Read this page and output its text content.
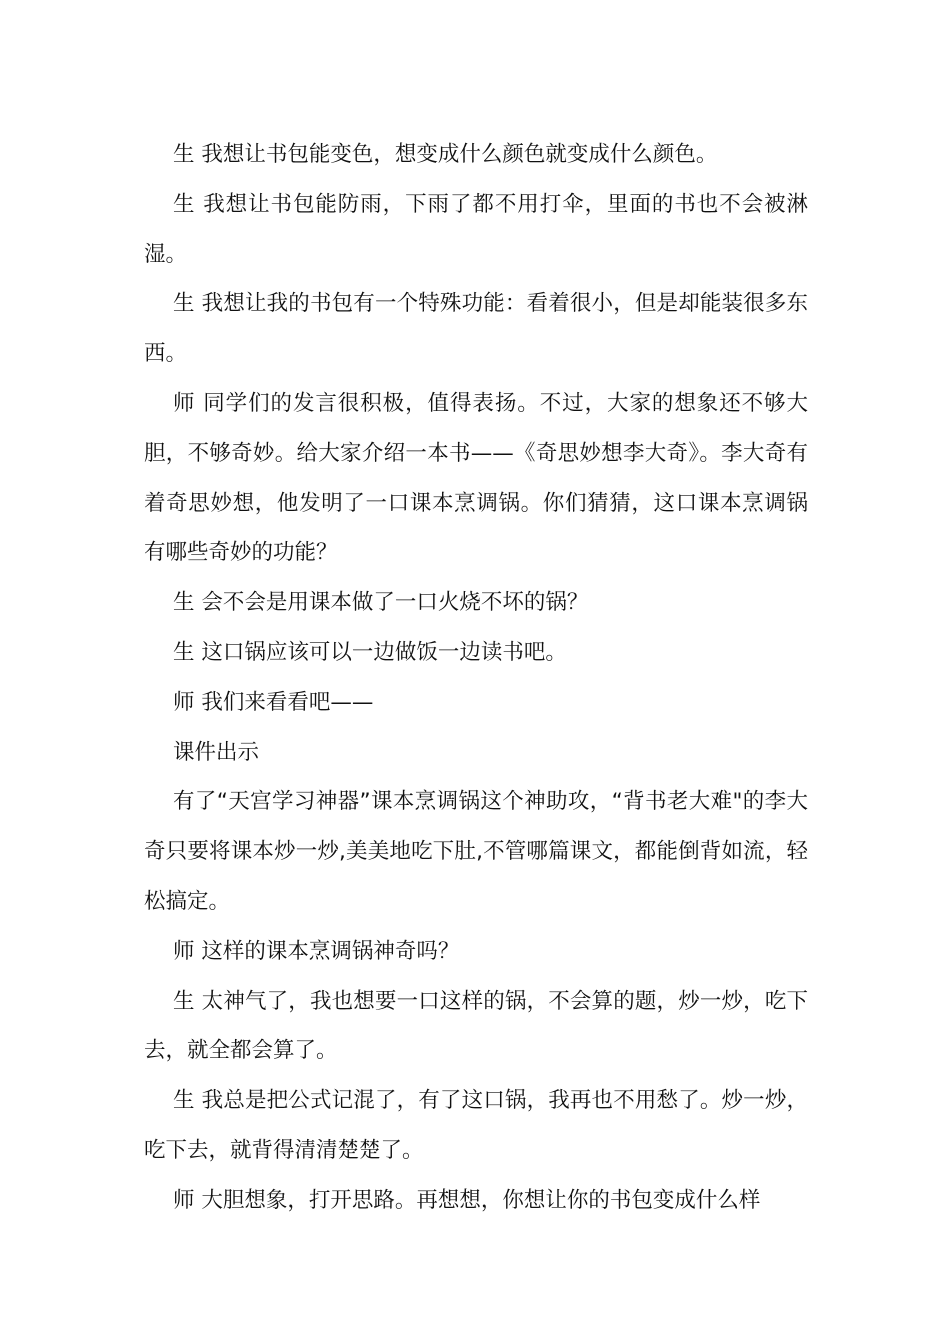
生 我想让书包能变色，想变成什么颜色就变成什么颜色。

生 我想让书包能防雨，下雨了都不用打伞，里面的书也不会被淋湿。

生 我想让我的书包有一个特殊功能：看着很小，但是却能装很多东西。

师 同学们的发言很积极，值得表扬。不过，大家的想象还不够大胆，不够奇妙。给大家介绍一本书——《奇思妙想李大奇》。李大奇有着奇思妙想，他发明了一口课本烹调锅。你们猜猜，这口课本烹调锅有哪些奇妙的功能？

生 会不会是用课本做了一口火烧不坏的锅？

生 这口锅应该可以一边做饭一边读书吧。

师 我们来看看吧——

课件出示

有了“天宫学习神器”课本烹调锅这个神助攻，“背书老大难"的李大奇只要将课本炒一炒,美美地吃下肚,不管哪篇课文，都能倒背如流，轻松搞定。

师 这样的课本烹调锅神奇吗？

生 太神气了，我也想要一口这样的锅，不会算的题，炒一炒，吃下去，就全都会算了。

生 我总是把公式记混了，有了这口锅，我再也不用愁了。炒一炒，吃下去，就背得清清楚楚了。

师 大胆想象，打开思路。再想想，你想让你的书包变成什么样
